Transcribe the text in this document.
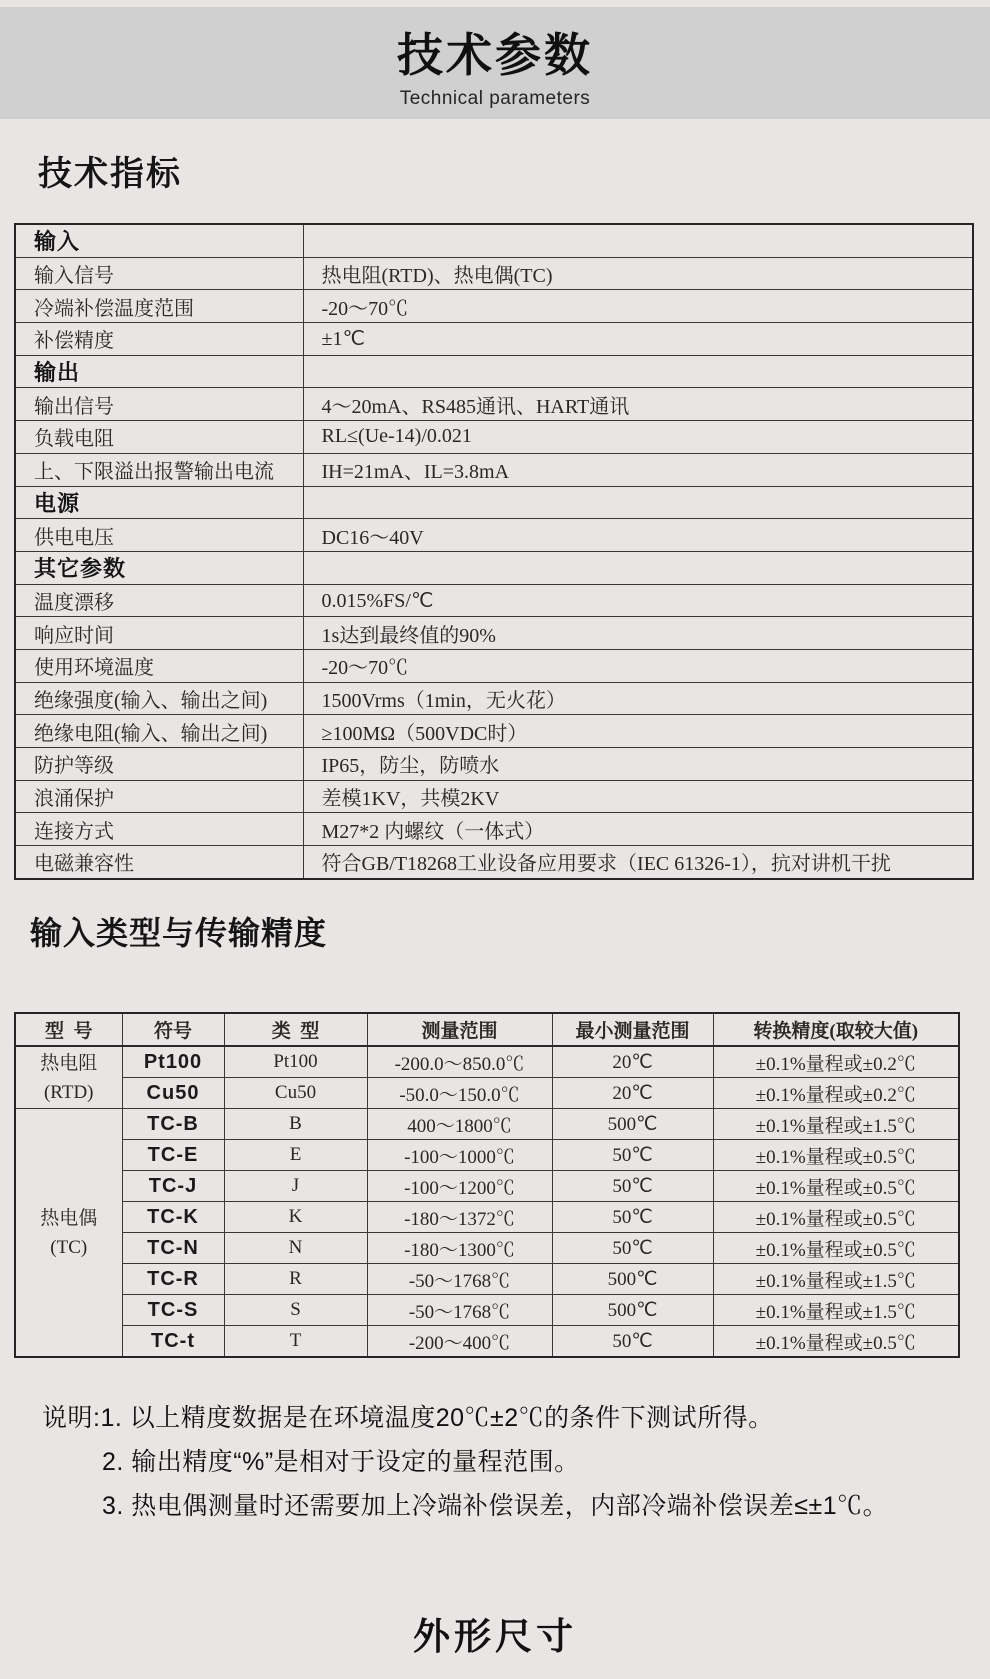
技术参数
Technical parameters
技术指标
输入	
输入信号	热电阻(RTD)、热电偶(TC)
冷端补偿温度范围	-20～70℃
补偿精度	±1℃
输出	
输出信号	4～20mA、RS485通讯、HART通讯
负载电阻	RL≤(Ue-14)/0.021
上、下限溢出报警输出电流	IH=21mA、IL=3.8mA
电源	
供电电压	DC16～40V
其它参数	
温度漂移	0.015%FS/℃
响应时间	1s达到最终值的90%
使用环境温度	-20～70℃
绝缘强度(输入、输出之间)	1500Vrms（1min，无火花）
绝缘电阻(输入、输出之间)	≥100MΩ（500VDC时）
防护等级	IP65，防尘，防喷水
浪涌保护	差模1KV，共模2KV
连接方式	M27*2 内螺纹（一体式）
电磁兼容性	符合GB/T18268工业设备应用要求（IEC 61326-1），抗对讲机干扰
输入类型与传输精度
型  号	符号	类  型	测量范围	最小测量范围	转换精度(取较大值)

热电阻
(RTD)	Pt100	Pt100	-200.0～850.0℃	20℃	±0.1%量程或±0.2℃
	Cu50	Cu50	-50.0～150.0℃	20℃	±0.1%量程或±0.2℃

热电偶
(TC)	TC-B	B	400～1800℃	500℃	±0.1%量程或±1.5℃
	TC-E	E	-100～1000℃	50℃	±0.1%量程或±0.5℃
	TC-J	J	-100～1200℃	50℃	±0.1%量程或±0.5℃
	TC-K	K	-180～1372℃	50℃	±0.1%量程或±0.5℃
	TC-N	N	-180～1300℃	50℃	±0.1%量程或±0.5℃
	TC-R	R	-50～1768℃	500℃	±0.1%量程或±1.5℃
	TC-S	S	-50～1768℃	500℃	±0.1%量程或±1.5℃
	TC-t	T	-200～400℃	50℃	±0.1%量程或±0.5℃
说明:1. 以上精度数据是在环境温度20℃±2℃的条件下测试所得。
2. 输出精度“%”是相对于设定的量程范围。
3. 热电偶测量时还需要加上冷端补偿误差，内部冷端补偿误差≤±1℃。
外形尺寸
